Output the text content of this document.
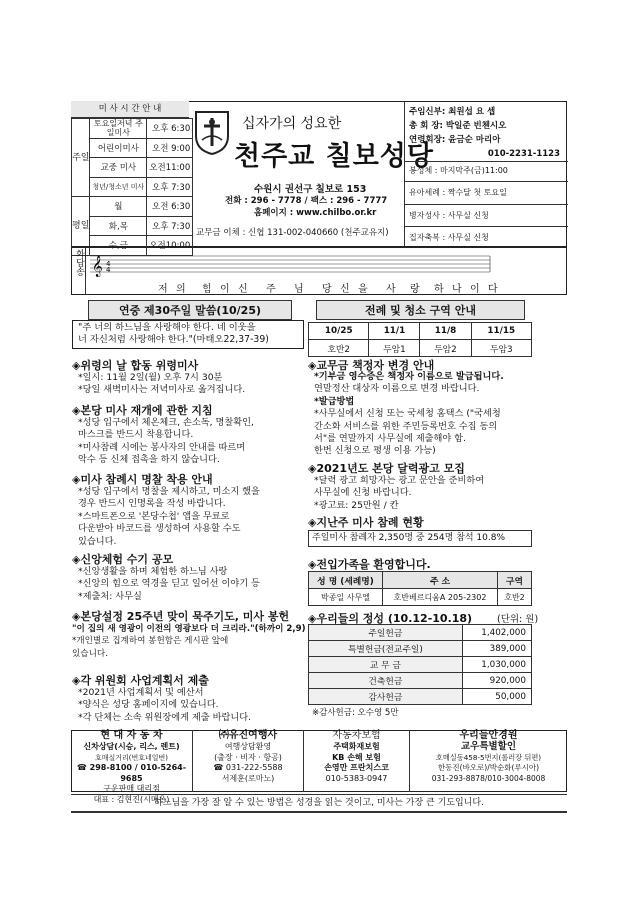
미 사 시 간 안 내
주일	토요일저녁 주일미사	오후 6:30
	어린이미사	오전 9:00
	교중 미사	오전11:00
	청년/청소년 미사	오후 7:30
평일	월	오전 6:30
	화,목	오후 7:30
	수,금	오전10:00
십자가의 성요한
천주교 칠보성당
수원시 권선구 칠보로 153
전화 : 296 - 7778 / 팩스 : 296 - 7777
홈페이지 : www.chilbo.or.kr
교무금 이체 : 신협 131-002-040660 (천주교유지)
주임신부: 최원섭 요 셉
총 회 장: 박일준 빈첸시오
연령회장: 윤금순 마리아
010-2231-1123
봉성체 : 마지막주(금)11:00
유아세례 : 짝수달 첫 토요일
병자성사 : 사무실 신청
집자축복 : 사무실 신청
화답송 𝄞 4
4
저 의 힘 이 신 주 님 당 신 을 사 랑 하 나 이 다
연중 제30주일 말씀(10/25)
"주 너의 하느님을 사랑해야 한다. 네 이웃을
너 자신처럼 사랑해야 한다."(마태오22,37-39)
전례 및 청소 구역 안내
10/25	11/1	11/8	11/15
호반2	두암1	두암2	두암3
◈위령의 날 합동 위령미사
*일시: 11월 2일(월) 오후 7시 30분
*당일 새벽미사는 저녁미사로 옮겨집니다.
◈본당 미사 재개에 관한 지침
*성당 입구에서 체온체크, 손소독, 명찰확인,
마스크를 반드시 착용합니다.
*미사참례 시에는 봉사자의 안내를 따르며
악수 등 신체 접촉을 하지 않습니다.
◈미사 참례시 명찰 착용 안내
*성당 입구에서 명찰을 제시하고, 미소지 했을
경우 반드시 인명록을 작성 바랍니다.
*스마트폰으로 '본당수첩' 앱을 무료로
다운받아 바코드를 생성하여 사용할 수도
있습니다.
◈신앙체험 수기 공모
*신앙생활을 하며 체험한 하느님 사랑
*신앙의 힘으로 역경을 딛고 일어선 이야기 등
*제출처: 사무실
◈본당설정 25주년 맞이 묵주기도, 미사 봉헌
"이 집의 새 영광이 이전의 영광보다 더 크리라."(하까이 2,9)
*개인별로 집계하여 봉헌함은 게시판 앞에
있습니다.
◈각 위원회 사업계획서 제출
*2021년 사업계획서 및 예산서
*양식은 성당 홈페이지에 있습니다.
*각 단체는 소속 위원장에게 제출 바랍니다.
◈교무금 책정자 변경 안내
*기부금 영수증은 책정자 이름으로 발급됩니다.
연말정산 대상자 이름으로 변경 바랍니다.
*발급방법
*사무실에서 신청 또는 국세청 홈택스 ("국세청
간소화 서비스를 위한 주민등록번호 수집 동의
서"를 연말까지 사무실에 제출해야 함.
한번 신청으로 평생 이용 가능)
◈2021년도 본당 달력광고 모집
*달력 광고 희망자는 광고 문안을 준비하여
사무실에 신청 바랍니다.
*광고료: 25만원 / 칸
◈지난주 미사 참례 현황
주일미사 참례자 2,350명 중 254명 참석 10.8%
◈전입가족을 환영합니다.
성 명 (세례명)	주 소	구역
박종일 사무엘	호반베르디움A 205-2302	호반2
◈우리들의 정성 (10.12-10.18)	(단위: 원)
주일헌금	1,402,000
특별헌금(전교주일)	389,000
교 무 금	1,030,000
건축헌금	920,000
감사헌금	50,000
※감사헌금: 오수영 5만
현 대 자 동 차
신차상담(시승, 리스, 렌트)
호매실거리(번호네일번)
☎ 298-8100 / 010-5264-9685
구운판매 대리점
대표 : 김현진(시메온)
㈜유진여행사
여행상담환영
(출장 · 비자 · 항공)
☎ 031-222-5588
서제훈(로마노)
자동차보험
주택화재보험
KB 손해 보험
손영만 프란치스코
010-5383-0947
우리들안경원
교우특별할인
호매실동458-5번지(롤러장 뒤편)
한동진(바오로)/박순화(루시아)
031-293-8878/010-3004-8008
하느님을 가장 잘 알 수 있는 방법은 성경을 읽는 것이고, 미사는 가장 큰 기도입니다.
